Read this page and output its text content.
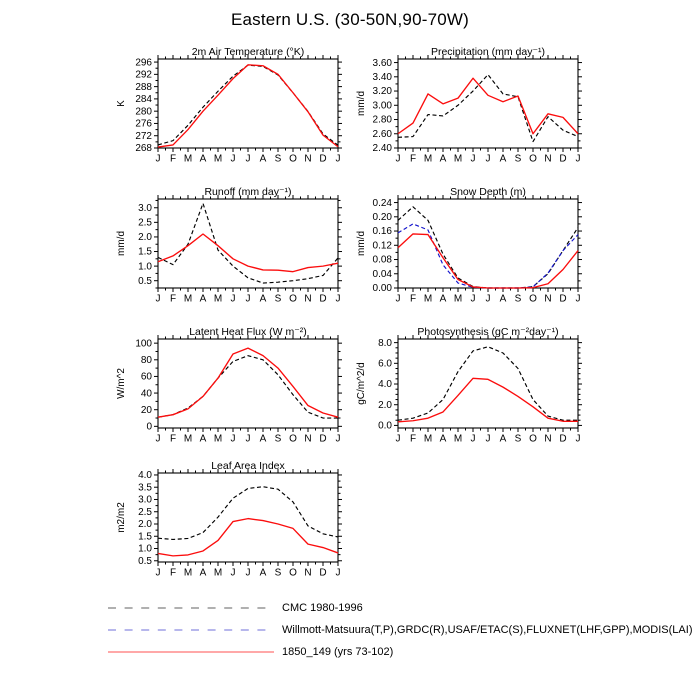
Eastern U.S. (30-50N,90-70W)
2m Air Temperature (°K)
K
268
272
276
280
284
288
292
296
J F M A M J J A S O N D J
Precipitation (mm day⁻¹)
mm/d
2.40
2.60
2.80
3.00
3.20
3.40
3.60
J F M A M J J A S O N D J
Runoff (mm day⁻¹)
mm/d
0.5
1.0
1.5
2.0
2.5
3.0
J F M A M J J A S O N D J
Snow Depth (m)
mm/d
0.00
0.04
0.08
0.12
0.16
0.20
0.24
J F M A M J J A S O N D J
Latent Heat Flux (W m⁻²)
W/m^2
0
20
40
60
80
100
J F M A M J J A S O N D J
Photosynthesis (gC m⁻²day⁻¹)
gC/m^2/d
0.0
2.0
4.0
6.0
8.0
J F M A M J J A S O N D J
Leaf Area Index
m2/m2
0.5
1.0
1.5
2.0
2.5
3.0
3.5
4.0
J F M A M J J A S O N D J
CMC 1980-1996
Willmott-Matsuura(T,P),GRDC(R),USAF/ETAC(S),FLUXNET(LHF,GPP),MODIS(LAI)
1850_149 (yrs 73-102)
